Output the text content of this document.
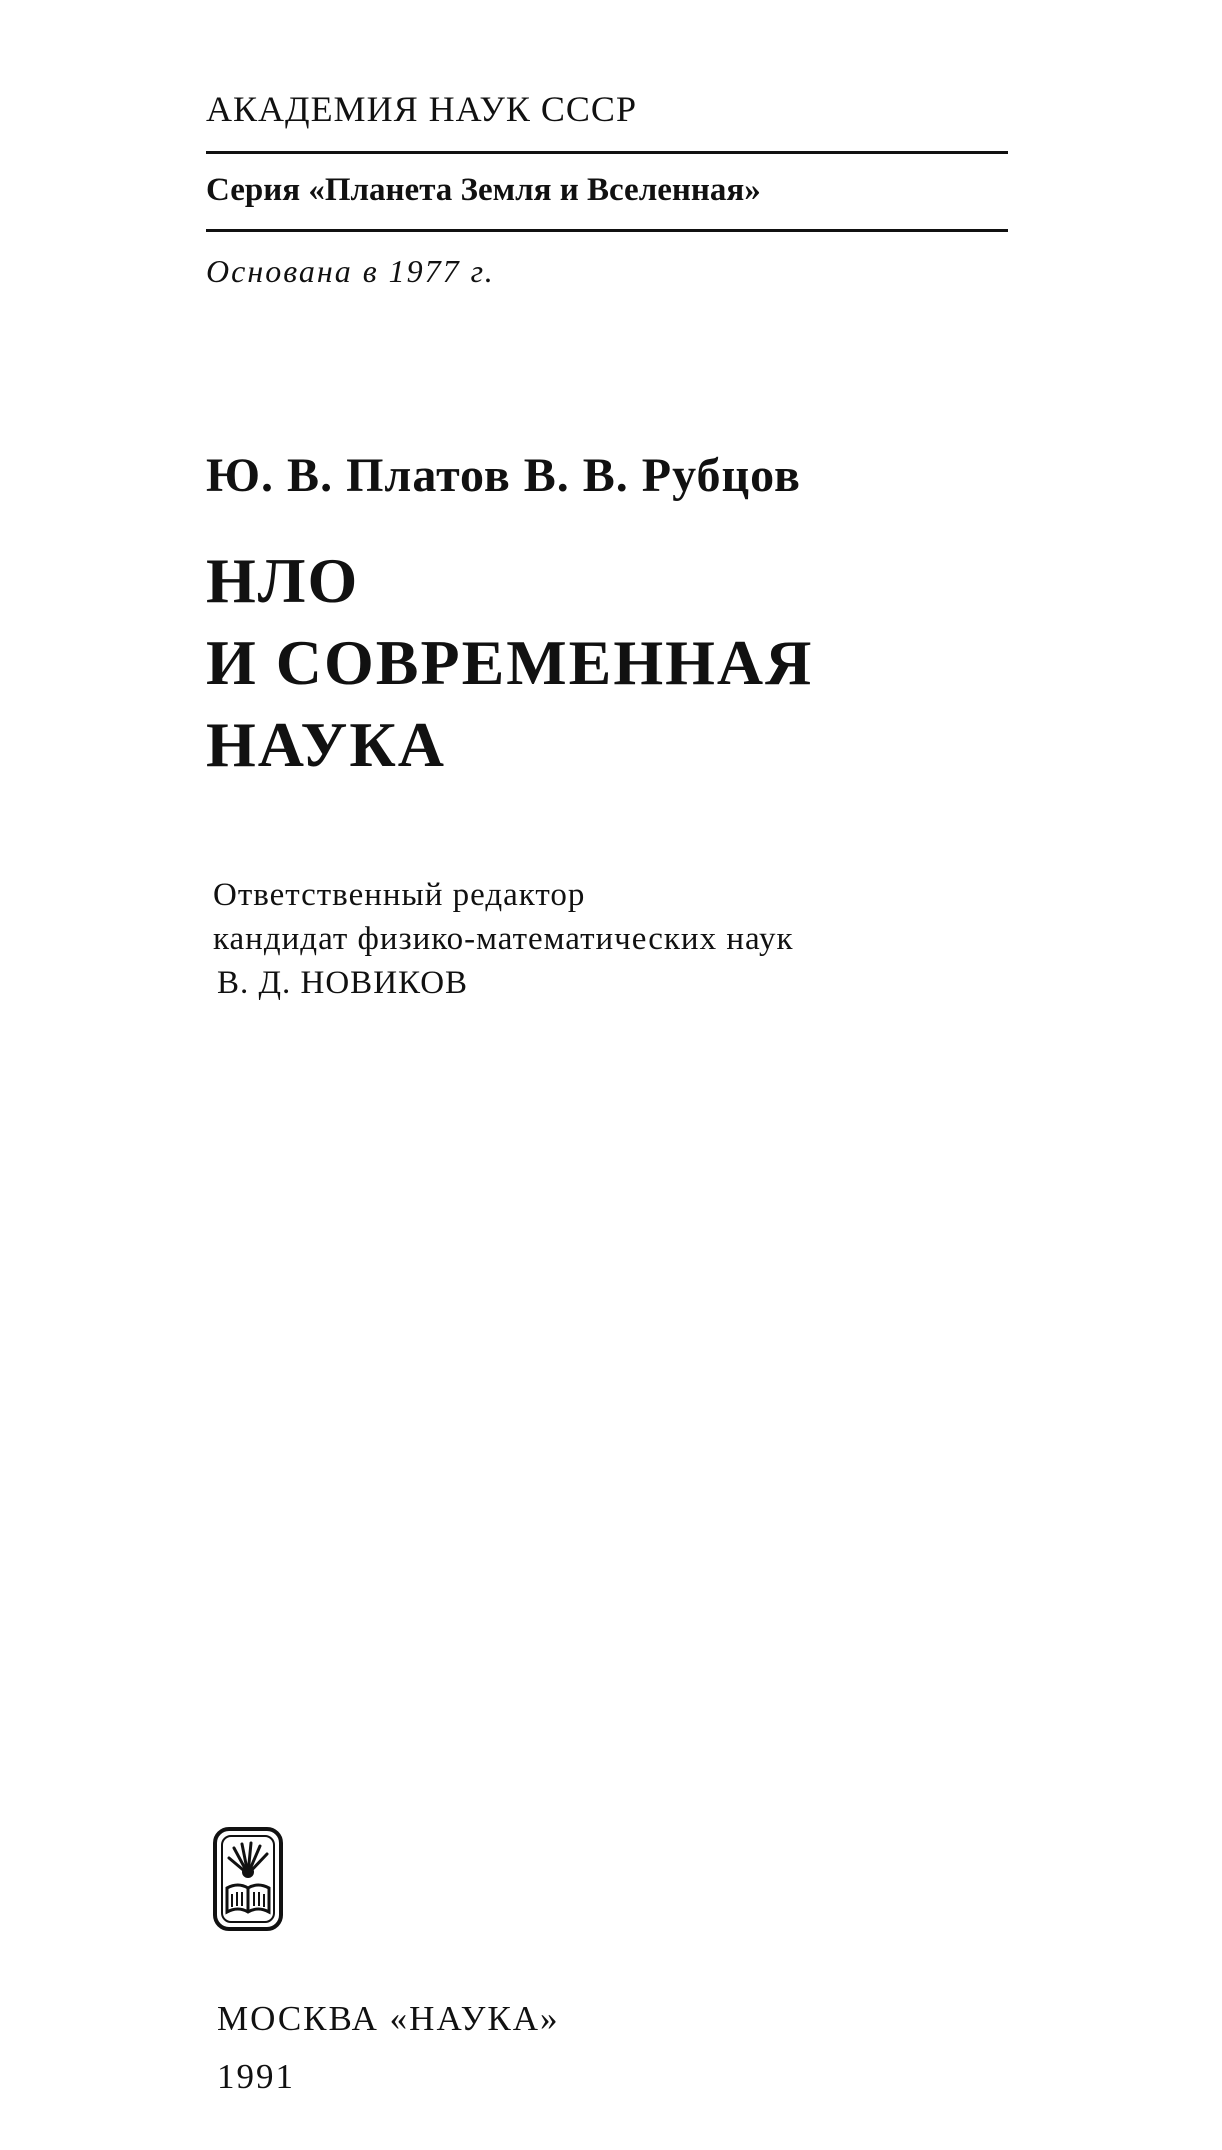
АКАДЕМИЯ НАУК СССР
Серия «Планета Земля и Вселенная»
Основана в 1977 г.
Ю. В. Платов В. В. Рубцов
НЛО
И СОВРЕМЕННАЯ
НАУКА
Ответственный редактор
кандидат физико-математических наук
В. Д. НОВИКОВ
МОСКВА «НАУКА»
1991
